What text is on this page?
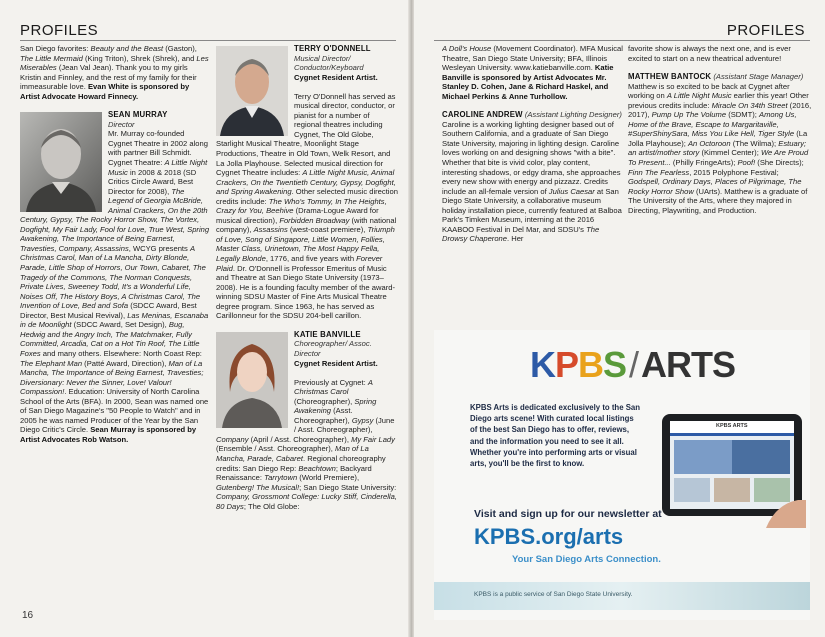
PROFILES

San Diego favorites: Beauty and the Beast (Gaston), The Little Mermaid (King Triton), Shrek (Shrek), and Les Miserables (Jean Val Jean). Thank you to my girls Kristin and Finnley, and the rest of my family for their immeasurable love. Evan White is sponsored by Artist Advocate Howard Finnecy.

SEAN MURRAY
Director
Mr. Murray co-founded Cygnet Theatre in 2002 along with partner Bill Schmidt. Cygnet Theatre: A Little Night Music in 2008 & 2018 (SD Critics Circle Award, Best Director for 2008), The Legend of Georgia McBride, Animal Crackers, On the 20th Century, Gypsy, The Rocky Horror Show, The Vortex, Dogfight, My Fair Lady, Fool for Love, True West, Spring Awakening, The Importance of Being Earnest, Travesties, Company, Assassins, WCYG presents A Christmas Carol, Man of La Mancha, Dirty Blonde, Parade, Little Shop of Horrors, Our Town, Cabaret, The Tragedy of the Commons, The Norman Conquests, Private Lives, Sweeney Todd, It's a Wonderful Life, Noises Off, The History Boys, A Christmas Carol, The Invention of Love, Bed and Sofa (SDCC Award, Best Director, Best Musical Revival), Las Meninas, Escanaba in de Moonlight (SDCC Award, Set Design), Bug, Hedwig and the Angry Inch, The Matchmaker, Fully Committed, Arcadia, Cat on a Hot Tin Roof, The Little Foxes and many others. Elsewhere: North Coast Rep: The Elephant Man (Patté Award, Direction), Man of La Mancha, The Importance of Being Earnest, Travesties; Diversionary: Never the Sinner, Love! Valour! Compassion!. Education: University of North Carolina School of the Arts (BFA). In 2000, Sean was named one of San Diego Magazine's "50 People to Watch" and in 2005 he was named Producer of the Year by the San Diego Critic's Circle. Sean Murray is sponsored by Artist Advocates Rob Watson.

TERRY O'DONNELL
Musical Director/ Conductor/Keyboard
Cygnet Resident Artist.

Terry O'Donnell has served as musical director, conductor, or pianist for a number of regional theatres including Cygnet, The Old Globe, Starlight Musical Theatre, Moonlight Stage Productions, Theatre in Old Town, Welk Resort, and La Jolla Playhouse. Selected musical direction for Cygnet Theatre includes: A Little Night Music, Animal Crackers, On the Twentieth Century, Gypsy, Dogfight, and Spring Awakening. Other selected music direction credits include: The Who's Tommy, In The Heights, Crazy for You, Beehive (Drama-Logue Award for musical direction), Forbidden Broadway (with national company), Assassins (west-coast premiere), Triumph of Love, Song of Singapore, Little Women, Follies, Master Class, Urinetown, The Most Happy Fella, Legally Blonde, 1776, and five years with Forever Plaid. Dr. O'Donnell is Professor Emeritus of Music and Theatre at San Diego State University (1973–2008). He is a founding faculty member of the award-winning SDSU Master of Fine Arts Musical Theatre degree program. Since 1963, he has served as Carillonneur for the SDSU 204-bell carillon.

KATIE BANVILLE
Choreographer/ Assoc. Director
Cygnet Resident Artist.

Previously at Cygnet: A Christmas Carol (Choreographer), Spring Awakening (Asst. Choreographer), Gypsy (June / Asst. Choreographer), Company (April / Asst. Choreographer), My Fair Lady (Ensemble / Asst. Choreographer), Man of La Mancha, Parade, Cabaret. Regional choreography credits: San Diego Rep: Beachtown; Backyard Renaissance: Tarrytown (World Premiere), Gutenberg! The Musical!; San Diego State University: Company, Grossmont College: Lucky Stiff, Cinderella, 80 Days; The Old Globe:

16
PROFILES

A Doll's House (Movement Coordinator). MFA Musical Theatre, San Diego State University; BFA, Illinois Wesleyan University. www.katiebanville.com. Katie Banville is sponsored by Artist Advocates Mr. Stanley D. Cohen, Jane & Richard Haskel, and Michael Perkins & Anne Turhollow.

CAROLINE ANDREW (Assistant Lighting Designer) Caroline is a working lighting designer based out of Southern California, and a graduate of San Diego State University, majoring in lighting design. Caroline loves working on and designing shows "with a bite". Whether that bite is vivid color, play content, interesting shadows, or edgy drama, she approaches every new show with energy and pizzazz. Credits include an all-female version of Julius Caesar at San Diego State University, a collaborative museum holiday installation piece, currently featured at Balboa Park's Timken Museum, interning at the 2016 KAABOO Festival in Del Mar, and SDSU's The Drowsy Chaperone. Her

favorite show is always the next one, and is ever excited to start on a new theatrical adventure!

MATTHEW BANTOCK (Assistant Stage Manager) Matthew is so excited to be back at Cygnet after working on A Little Night Music earlier this year! Other previous credits include: Miracle On 34th Street (2016, 2017), Pump Up The Volume (SDMT); Among Us, Home of the Brave, Escape to Margaritaville, #SuperShinySara, Miss You Like Hell, Tiger Style (La Jolla Playhouse); An Octoroon (The Wilma); Estuary; an artist/mother story (Kimmel Center); We Are Proud To Present... (Philly FringeArts); Poof! (She Directs); Finn The Fearless, 2015 Polyphone Festival; Godspell, Ordinary Days, Places of Pilgrimage, The Rocky Horror Show (UArts). Matthew is a graduate of The University of the Arts, where they majored in Directing, Playwriting, and Production.

KPBS/ARTS
KPBS Arts is dedicated exclusively to the San Diego arts scene! With curated local listings of the best San Diego has to offer, reviews, and the information you need to see it all. Whether you're into performing arts or visual arts, you'll be the first to know.
KPBS ARTS
Visit and sign up for our newsletter at
KPBS.org/arts
Your San Diego Arts Connection.
KPBS is a public service of San Diego State University.
